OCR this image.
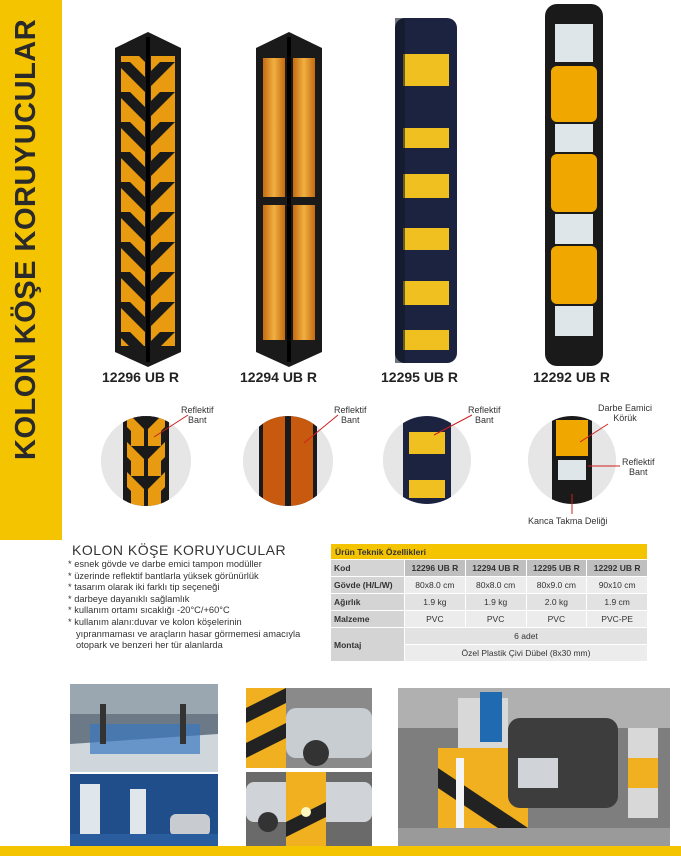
KOLON KÖŞE KORUYUCULAR	12296 UB R	12294 UB R	12295 UB R	12292 UB R
Reflektif
Bant
Reflektif
Bant
Reflektif
Bant
Darbe Eamici
Körük
Reflektif
Bant
Kanca Takma Deliği
KOLON KÖŞE KORUYUCULAR
* esnek gövde ve darbe emici tampon modüller
* üzerinde reflektif bantlarla yüksek görünürlük
* tasarım olarak iki farklı tip seçeneği
* darbeye dayanıklı sağlamlık
* kullanım ortamı sıcaklığı -20°C/+60°C
* kullanım alanı:duvar ve kolon köşelerinin
yıpranmaması ve araçların hasar görmemesi amacıyla
otopark ve benzeri her tür alanlarda
Ürün Teknik Özellikleri				
Kod	12296 UB R	12294 UB R	12295 UB R	12292 UB R
Gövde (H/L/W)	80x8.0 cm	80x8.0 cm	80x9.0 cm	90x10 cm
Ağırlık	1.9 kg	1.9 kg	2.0 kg	1.9 cm
Malzeme	PVC	PVC	PVC	PVC-PE
Montaj	6 adet			
	Özel Plastik Çivi Dübel (8x30 mm)			
